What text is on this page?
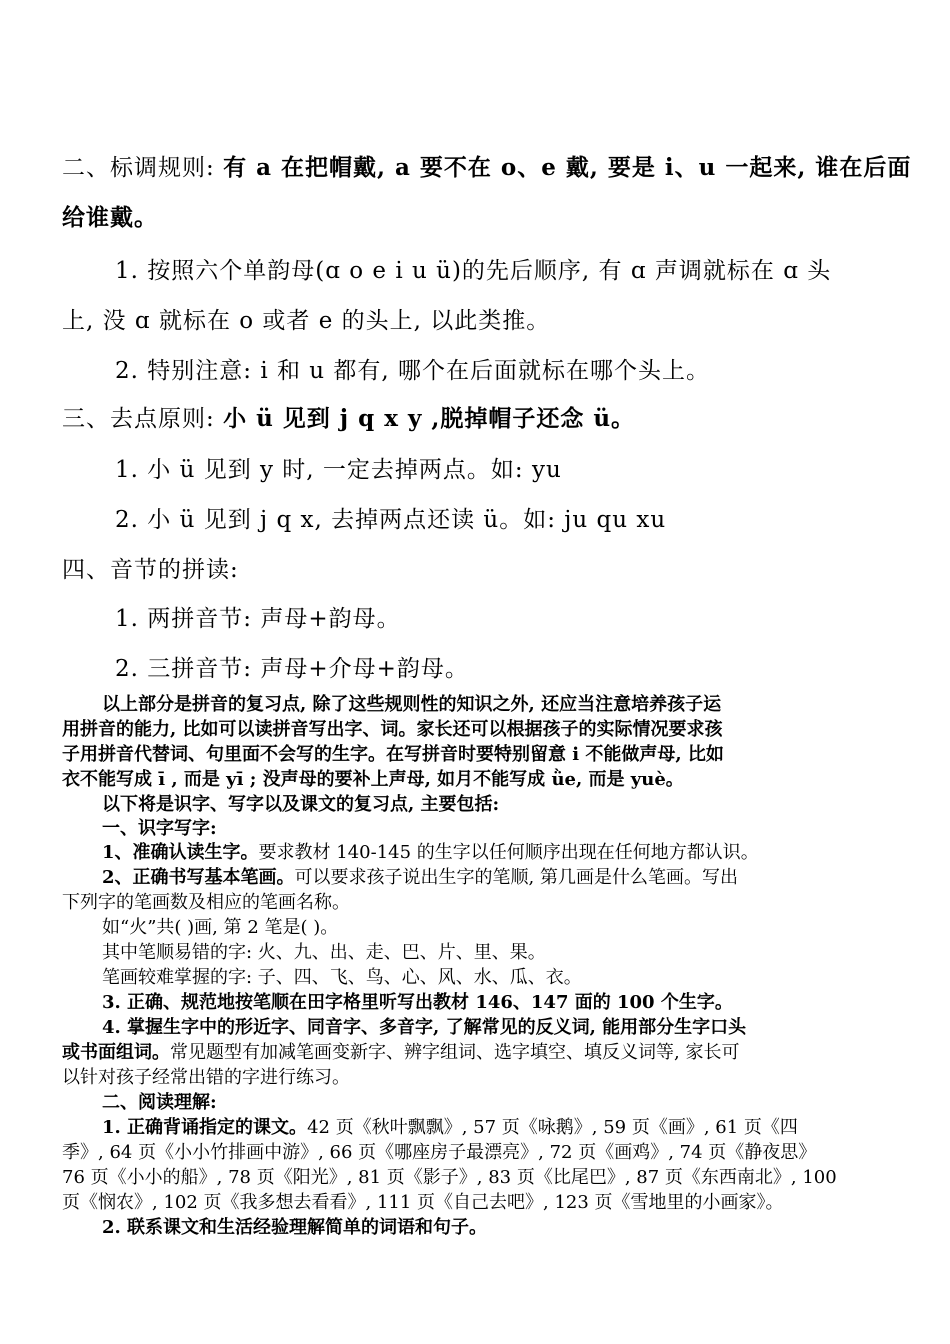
二、标调规则: 有 a 在把帽戴, a 要不在 o、e 戴, 要是 i、u 一起来, 谁在后面
给谁戴。
1. 按照六个单韵母(ɑ o e i u ü)的先后顺序, 有 ɑ 声调就标在 ɑ 头
上, 没 ɑ 就标在 o 或者 e 的头上, 以此类推。
2. 特别注意: i 和 u 都有, 哪个在后面就标在哪个头上。
三、去点原则: 小 ü 见到 j q x y ,脱掉帽子还念 ü。
1. 小 ü 见到 y 时, 一定去掉两点。如: yu
2. 小 ü 见到 j q x, 去掉两点还读 ü。如: ju qu xu
四、音节的拼读:
1. 两拼音节: 声母+韵母。
2. 三拼音节: 声母+介母+韵母。
以上部分是拼音的复习点, 除了这些规则性的知识之外, 还应当注意培养孩子运
用拼音的能力, 比如可以读拼音写出字、词。家长还可以根据孩子的实际情况要求孩
子用拼音代替词、句里面不会写的生字。在写拼音时要特别留意 i 不能做声母, 比如
衣不能写成 ī , 而是 yī ; 没声母的要补上声母, 如月不能写成 ǜe, 而是 yuè。
以下将是识字、写字以及课文的复习点, 主要包括:
一、识字写字:
1、准确认读生字。要求教材 140-145 的生字以任何顺序出现在任何地方都认识。
2、正确书写基本笔画。可以要求孩子说出生字的笔顺, 第几画是什么笔画。写出
下列字的笔画数及相应的笔画名称。
如“火”共( )画, 第 2 笔是( )。
其中笔顺易错的字: 火、九、出、走、巴、片、里、果。
笔画较难掌握的字: 子、四、飞、鸟、心、风、水、瓜、衣。
3. 正确、规范地按笔顺在田字格里听写出教材 146、147 面的 100 个生字。
4. 掌握生字中的形近字、同音字、多音字, 了解常见的反义词, 能用部分生字口头
或书面组词。常见题型有加减笔画变新字、辨字组词、选字填空、填反义词等, 家长可
以针对孩子经常出错的字进行练习。
二、阅读理解:
1. 正确背诵指定的课文。42 页《秋叶飘飘》, 57 页《咏鹅》, 59 页《画》, 61 页《四
季》, 64 页《小小竹排画中游》, 66 页《哪座房子最漂亮》, 72 页《画鸡》, 74 页《静夜思》
76 页《小小的船》, 78 页《阳光》, 81 页《影子》, 83 页《比尾巴》, 87 页《东西南北》, 100
页《悯农》, 102 页《我多想去看看》, 111 页《自己去吧》, 123 页《雪地里的小画家》。
2. 联系课文和生活经验理解简单的词语和句子。
